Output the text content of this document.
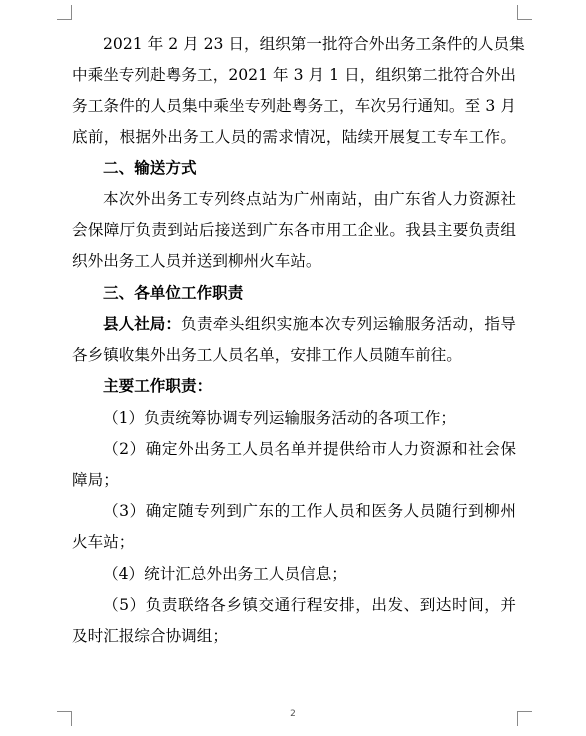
2021 年 2 月 23 日，组织第一批符合外出务工条件的人员集
中乘坐专列赴粤务工，2021 年 3 月 1 日，组织第二批符合外出
务工条件的人员集中乘坐专列赴粤务工，车次另行通知。至 3 月
底前，根据外出务工人员的需求情况，陆续开展复工专车工作。
二、输送方式
本次外出务工专列终点站为广州南站，由广东省人力资源社
会保障厅负责到站后接送到广东各市用工企业。我县主要负责组
织外出务工人员并送到柳州火车站。
三、各单位工作职责
县人社局： 负责牵头组织实施本次专列运输服务活动，指导
各乡镇收集外出务工人员名单，安排工作人员随车前往。
主要工作职责：
（1）负责统筹协调专列运输服务活动的各项工作；
（2）确定外出务工人员名单并提供给市人力资源和社会保
障局；
（3）确定随专列到广东的工作人员和医务人员随行到柳州
火车站；
（4）统计汇总外出务工人员信息；
（5）负责联络各乡镇交通行程安排，出发、到达时间，并
及时汇报综合协调组；
2
